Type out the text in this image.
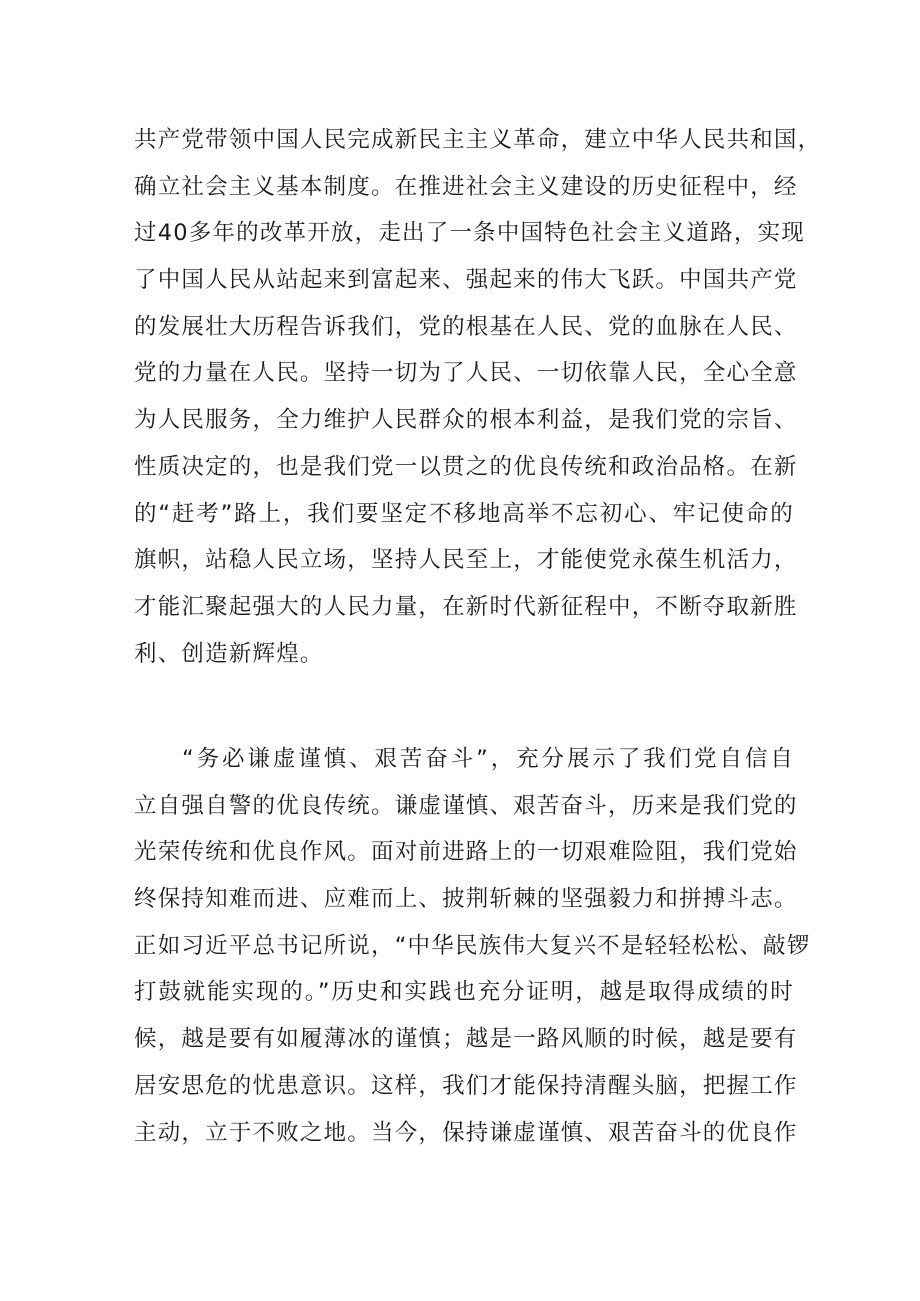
共产党带领中国人民完成新民主主义革命，建立中华人民共和国，
确立社会主义基本制度。在推进社会主义建设的历史征程中，经
过40多年的改革开放，走出了一条中国特色社会主义道路，实现
了中国人民从站起来到富起来、强起来的伟大飞跃。中国共产党
的发展壮大历程告诉我们，党的根基在人民、党的血脉在人民、
党的力量在人民。坚持一切为了人民、一切依靠人民，全心全意
为人民服务，全力维护人民群众的根本利益，是我们党的宗旨、
性质决定的，也是我们党一以贯之的优良传统和政治品格。在新
的“赶考”路上，我们要坚定不移地高举不忘初心、牢记使命的
旗帜，站稳人民立场，坚持人民至上，才能使党永葆生机活力，
才能汇聚起强大的人民力量，在新时代新征程中，不断夺取新胜
利、创造新辉煌。
“务必谦虚谨慎、艰苦奋斗”，充分展示了我们党自信自
立自强自警的优良传统。谦虚谨慎、艰苦奋斗，历来是我们党的
光荣传统和优良作风。面对前进路上的一切艰难险阻，我们党始
终保持知难而进、应难而上、披荆斩棘的坚强毅力和拼搏斗志。
正如习近平总书记所说，“中华民族伟大复兴不是轻轻松松、敲锣
打鼓就能实现的。”历史和实践也充分证明，越是取得成绩的时
候，越是要有如履薄冰的谨慎；越是一路风顺的时候，越是要有
居安思危的忧患意识。这样，我们才能保持清醒头脑，把握工作
主动，立于不败之地。当今，保持谦虚谨慎、艰苦奋斗的优良作
